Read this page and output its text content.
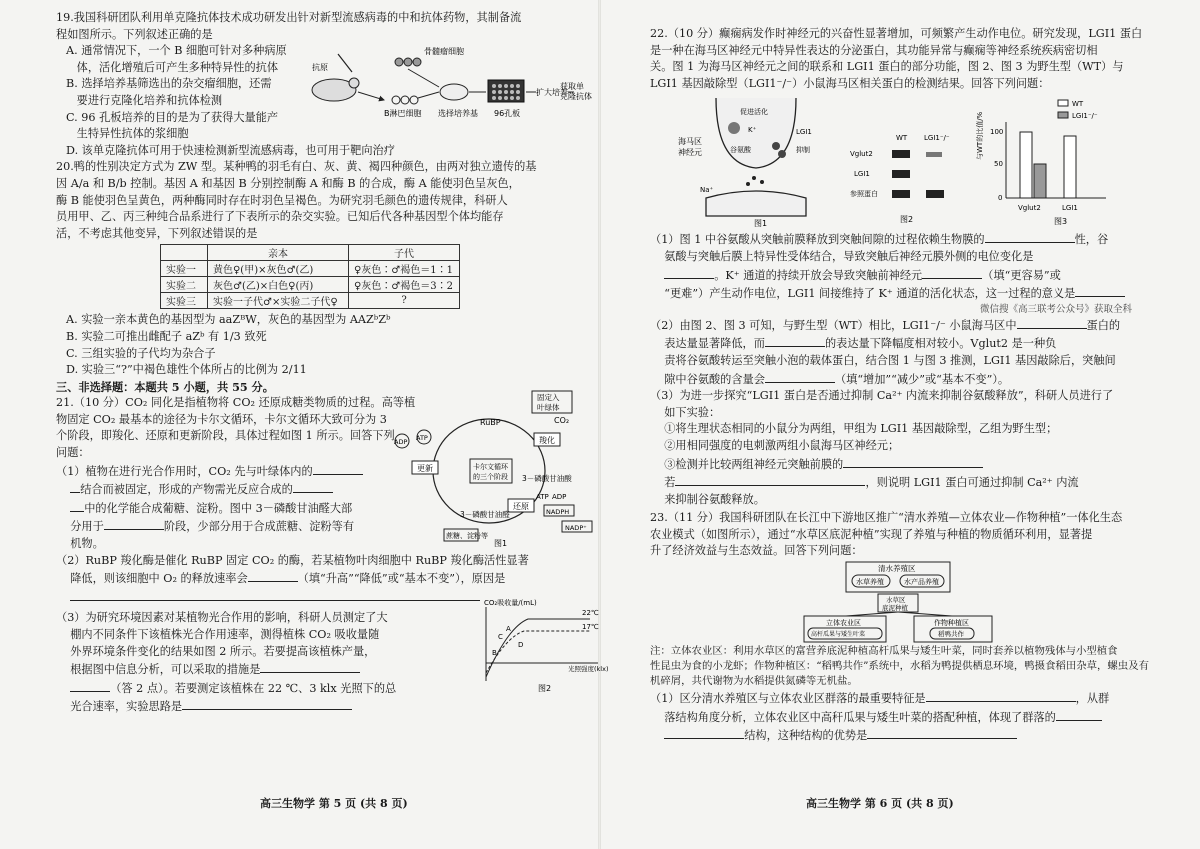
19.我国科研团队利用单克隆抗体技术成功研发出针对新型流感病毒的中和抗体药物，其制备流
程如图所示。下列叙述正确的是

A. 通常情况下，一个 B 细胞可针对多种病原
体，活化增殖后可产生多种特异性的抗体

B. 选择培养基筛选出的杂交瘤细胞，还需
要进行克隆化培养和抗体检测

C. 96 孔板培养的目的是为了获得大量能产
生特异性抗体的浆细胞

D. 该单克隆抗体可用于快速检测新型流感病毒，也可用于靶向治疗

抗原
B淋巴细胞
骨髓瘤细胞
选择培养基 96孔板
扩大培养
获取单
克隆抗体

20.鸭的性别决定方式为 ZW 型。某种鸭的羽毛有白、灰、黄、褐四种颜色，由两对独立遗传的基
因 A/a 和 B/b 控制。基因 A 和基因 B 分别控制酶 A 和酶 B 的合成，酶 A 能使羽色呈灰色，
酶 B 能使羽色呈黄色，两种酶同时存在时羽色呈褐色。为研究羽毛颜色的遗传规律，科研人
员用甲、乙、丙三种纯合品系进行了下表所示的杂交实验。已知后代各种基因型个体均能存
活，不考虑其他变异，下列叙述错误的是

	亲本	子代
实验一	黄色♀(甲)×灰色♂(乙)	♀灰色∶♂褐色＝1∶1
实验二	灰色♂(乙)×白色♀(丙)	♀灰色∶♂褐色＝3∶2
实验三	实验一子代♂×实验二子代♀	?

A. 实验一亲本黄色的基因型为 aaZᴮW，灰色的基因型为 AAZᵇZᵇ

B. 实验二可推出雌配子 aZᵇ 有 1/3 致死

C. 三组实验的子代均为杂合子

D. 实验三“?”中褐色雄性个体所占的比例为 2/11

三、非选择题：本题共 5 小题，共 55 分。

21.（10 分）CO₂ 同化是指植物将 CO₂ 还原成糖类物质的过程。高等植
物固定 CO₂ 最基本的途径为卡尔文循环，卡尔文循环大致可分为 3
个阶段，即羧化、还原和更新阶段，具体过程如图 1 所示。回答下列
问题：

（1）植物在进行光合作用时，CO₂ 先与叶绿体内的
结合而被固定，形成的产物需光反应合成的
中的化学能合成葡糖、淀粉。图中 3－磷酸甘油醛大部
分用于	阶段，少部分用于合成蔗糖、淀粉等有
机物。

（2）RuBP 羧化酶是催化 RuBP 固定 CO₂ 的酶，若某植物叶肉细胞中 RuBP 羧化酶活性显著
降低，则该细胞中 O₂ 的释放速率会	（填“升高”“降低”或“基本不变”），原因是

（3）为研究环境因素对某植物光合作用的影响，科研人员测定了大
棚内不同条件下该植株光合作用速率，测得植株 CO₂ 吸收量随
外界环境条件变化的结果如图 2 所示。若要提高该植株产量，
根据图中信息分析，可以采取的措施是
（答 2 点）。若要测定该植株在 22 ℃、3 klx 光照下的总
光合速率，实验思路是

固定入
叶绿体
CO₂
RuBP
羧化
更新	卡尔文循环
的三个阶段 3－磷酸甘油酸
还原
3－磷酸甘油醛
ADP ATP
ATP ADP
NADPH
NADP⁺
蔗糖、淀粉等
图1
CO₂吸收量/(mL)
光照强度(klx)
22℃
17℃
A
B
C
D
图2
高三生物学 第 5 页 (共 8 页)

22.（10 分）癫痫病发作时神经元的兴奋性显著增加，可频繁产生动作电位。研究发现，LGI1 蛋白
是一种在海马区神经元中特异性表达的分泌蛋白，其功能异常与癫痫等神经系统疾病密切相
关。图 1 为海马区神经元之间的联系和 LGI1 蛋白的部分功能，图 2、图 3 为野生型（WT）与
LGI1 基因敲除型（LGI1⁻/⁻）小鼠海马区相关蛋白的检测结果。回答下列问题：

海马区
神经元
促进活化
K⁺
谷氨酸
LGI1
抑制
Na⁺
图1
WT LGI1⁻/⁻
Vglut2
LGI1
参照蛋白
图2
与WT的比值/%
WT
LGI1⁻/⁻
100
50
0
Vglut2	LGI1
图3

（1）图 1 中谷氨酸从突触前膜释放到突触间隙的过程依赖生物膜的	性，谷
氨酸与突触后膜上特异性受体结合，导致突触后神经元膜外侧的电位变化是
。K⁺ 通道的持续开放会导致突触前神经元	（填“更容易”或
“更难”）产生动作电位，LGI1 间接维持了 K⁺ 通道的活化状态，这一过程的意义是

微信搜《高三联考公众号》获取全科

（2）由图 2、图 3 可知，与野生型（WT）相比，LGI1⁻/⁻ 小鼠海马区中	蛋白的
表达量显著降低，而	的表达量下降幅度相对较小。Vglut2 是一种负
责将谷氨酸转运至突触小泡的载体蛋白，结合图 1 与图 3 推测，LGI1 基因敲除后，突触间
隙中谷氨酸的含量会	（填“增加”“减少”或“基本不变”）。

（3）为进一步探究“LGI1 蛋白是否通过抑制 Ca²⁺ 内流来抑制谷氨酸释放”，科研人员进行了
如下实验：
①将生理状态相同的小鼠分为两组，甲组为 LGI1 基因敲除型，乙组为野生型；
②用相同强度的电刺激两组小鼠海马区神经元；
③检测并比较两组神经元突触前膜的
若	，则说明 LGI1 蛋白可通过抑制 Ca²⁺ 内流
来抑制谷氨酸释放。

23.（11 分）我国科研团队在长江中下游地区推广“清水养殖—立体农业—作物种植”一体化生态
农业模式（如图所示），通过“水草区底泥种植”实现了养殖与种植的物质循环利用，显著提
升了经济效益与生态效益。回答下列问题：

清水养殖区
水草养殖	水产品养殖
水草区
底泥种植
立体农业区
高杆瓜果与矮生叶菜
作物种植区
稻鸭共作

注：立体农业区：利用水草区的富营养底泥种植高杆瓜果与矮生叶菜，同时套养以植物残体与小型植食
性昆虫为食的小龙虾；作物种植区：“稻鸭共作”系统中，水稻为鸭提供栖息环境，鸭摄食稻田杂草，螺虫及有
机碎屑，共代谢物为水稻提供氮磷等无机盐。

（1）区分清水养殖区与立体农业区群落的最重要特征是	，从群
落结构角度分析，立体农业区中高秆瓜果与矮生叶菜的搭配种植，体现了群落的
结构，这种结构的优势是

高三生物学 第 6 页 (共 8 页)
